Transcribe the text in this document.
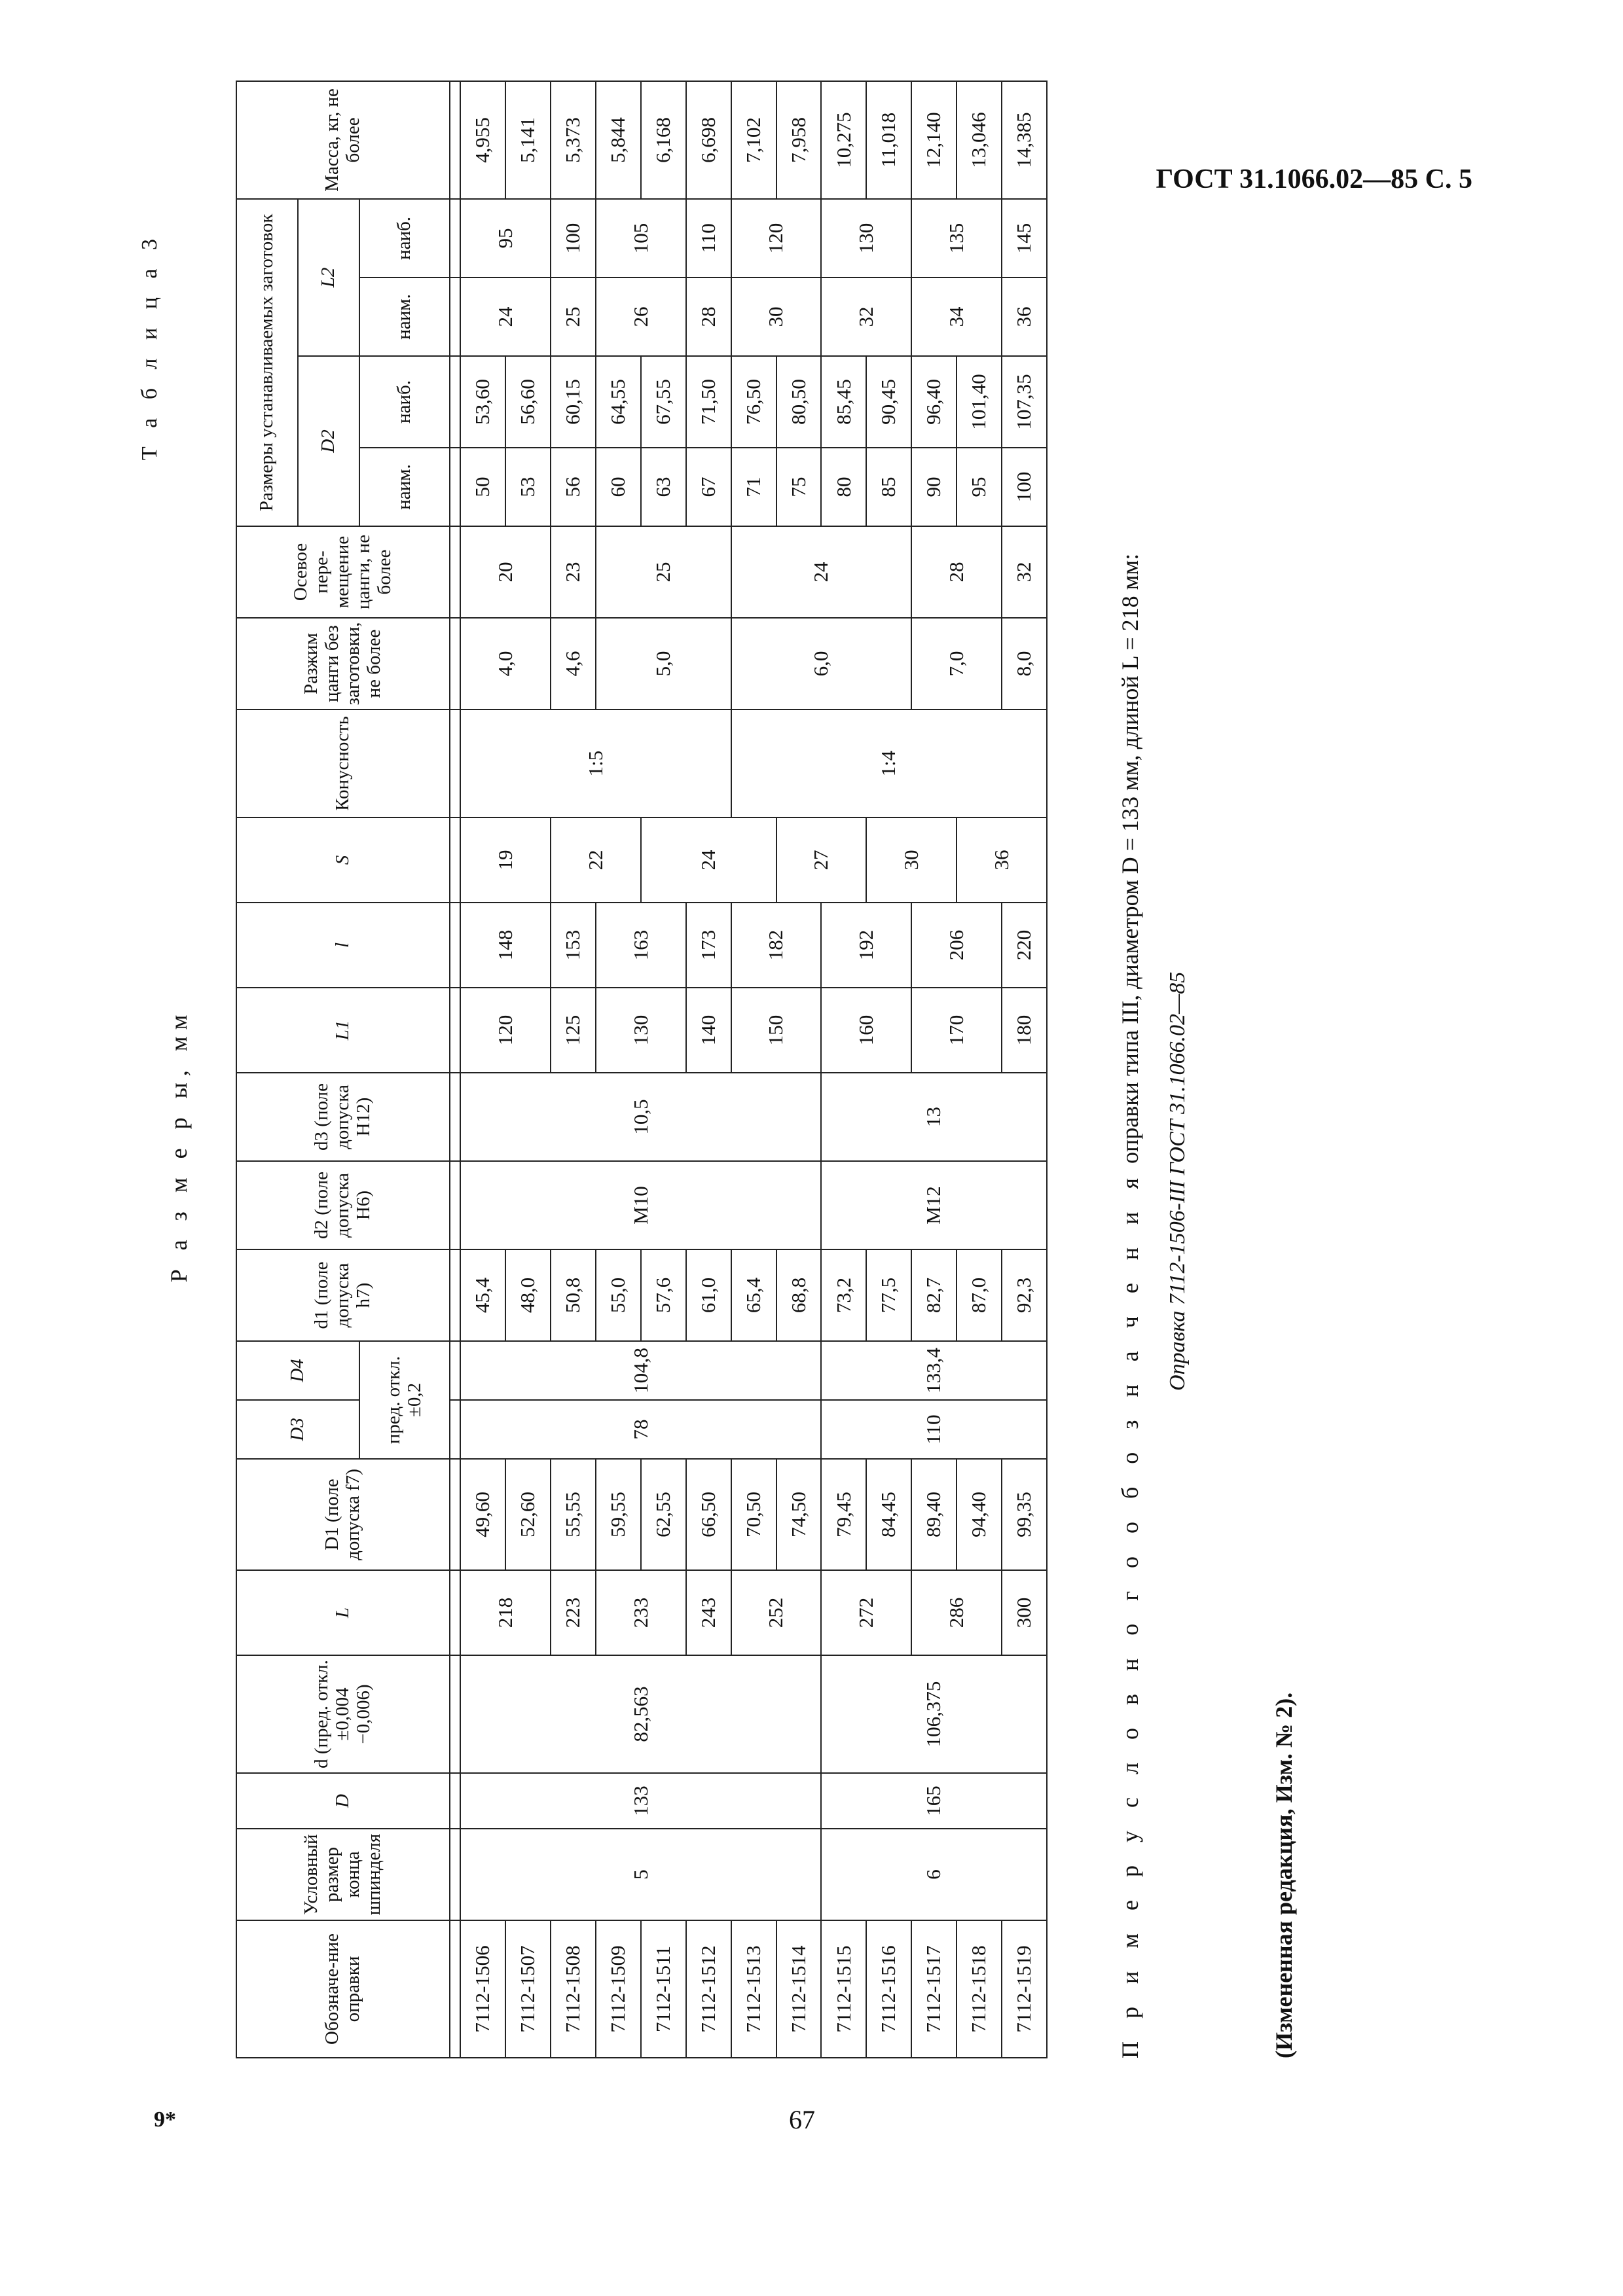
ГОСТ 31.1066.02—85 С. 5
9*	67
Т а б л и ц а 3
Р а з м е р ы, мм
Обозначе-ние оправки	Условный размер конца шпинделя	D	d (пред. откл. ±0,004 −0,006)	L	D1 (поле допуска f7)	D3	D4	d1 (поле допуска h7)	d2 (поле допуска H6)	d3 (поле допуска H12)	L1	l	S	Конусность	Разжим цанги без заготовки, не более	Осевое пере-мещение цанги, не более	Размеры устанавливаемых заготовок				Масса, кг, не более
																	D2		L2		
						пред. откл. ±0,2											наим.	наиб.	наим.	наиб.	

7112-1506	5	133	82,563	218	49,60	78	104,8	45,4	M10	10,5	120	148	19	1:5	4,0	20	50	53,60	24	95	4,955
7112-1507					52,60			48,0									53	56,60			5,141
7112-1508				223	55,55			50,8			125	153	22		4,6	23	56	60,15	25	100	5,373
7112-1509				233	59,55			55,0			130	163			5,0	25	60	64,55	26	105	5,844
7112-1511					62,55			57,6					24				63	67,55			6,168
7112-1512				243	66,50			61,0			140	173					67	71,50	28	110	6,698
7112-1513				252	70,50			65,4			150	182		1:4	6,0	24	71	76,50	30	120	7,102
7112-1514					74,50			68,8					27				75	80,50			7,958
7112-1515	6	165	106,375	272	79,45	110	133,4	73,2	M12	13	160	192					80	85,45	32	130	10,275
7112-1516					84,45			77,5					30				85	90,45			11,018
7112-1517				286	89,40			82,7			170	206			7,0	28	90	96,40	34	135	12,140
7112-1518					94,40			87,0					36				95	101,40			13,046
7112-1519				300	99,35			92,3			180	220			8,0	32	100	107,35	36	145	14,385
П р и м е р у с л о в н о г о о б о з н а ч е н и я оправки типа III, диаметром D = 133 мм, длиной L = 218 мм:
Оправка 7112-1506-III ГОСТ 31.1066.02—85
(Измененная редакция, Изм. № 2).
